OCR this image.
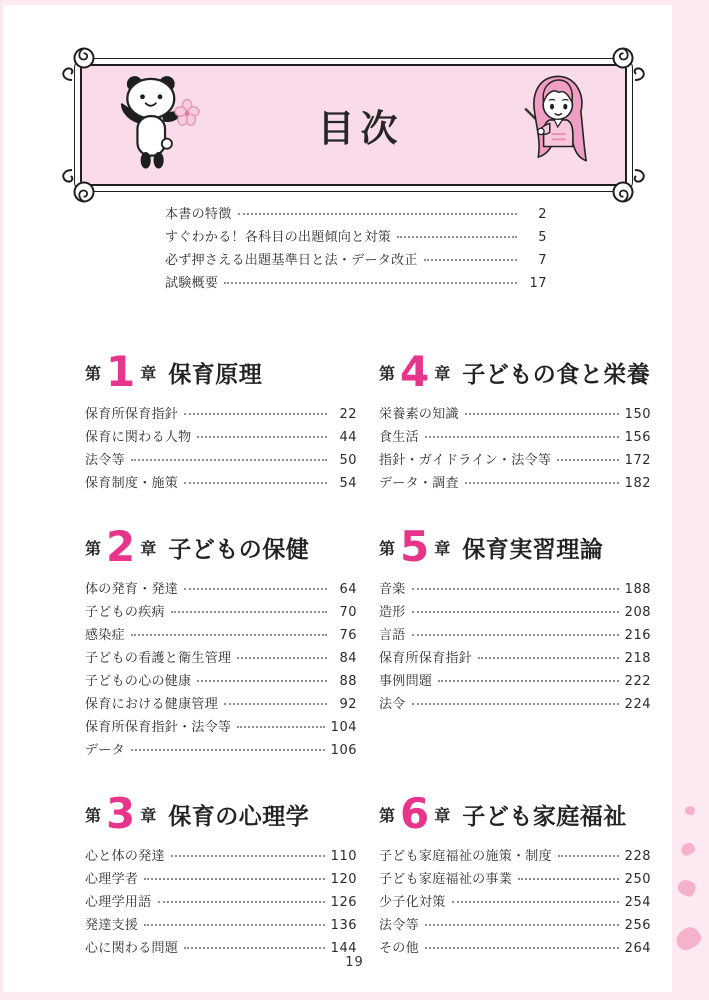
目次
本書の特徴	2
すぐわかる！各科目の出題傾向と対策	5
必ず押さえる出題基準日と法・データ改正	7
試験概要	17
第 1 章 保育原理
保育所保育指針	22
保育に関わる人物	44
法令等	50
保育制度・施策	54
第 4 章 子どもの食と栄養
栄養素の知識	150
食生活	156
指針・ガイドライン・法令等	172
データ・調査	182
第 2 章 子どもの保健
体の発育・発達	64
子どもの疾病	70
感染症	76
子どもの看護と衛生管理	84
子どもの心の健康	88
保育における健康管理	92
保育所保育指針・法令等	104
データ	106
第 5 章 保育実習理論
音楽	188
造形	208
言語	216
保育所保育指針	218
事例問題	222
法令	224
第 3 章 保育の心理学
心と体の発達	110
心理学者	120
心理学用語	126
発達支援	136
心に関わる問題	144
第 6 章 子ども家庭福祉
子ども家庭福祉の施策・制度	228
子ども家庭福祉の事業	250
少子化対策	254
法令等	256
その他	264
19
